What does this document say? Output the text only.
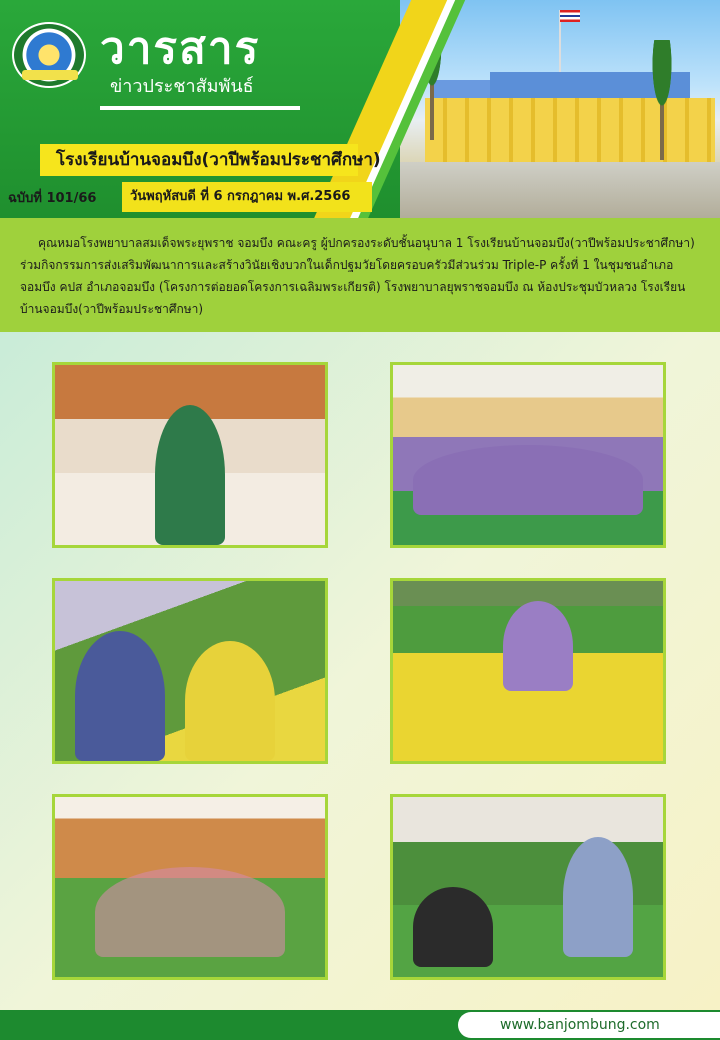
วารสาร
ข่าวประชาสัมพันธ์
โรงเรียนบ้านจอมบึง(วาปีพร้อมประชาศึกษา)
ฉบับที่ 101/66	วันพฤหัสบดี ที่ 6 กรกฎาคม พ.ศ.2566

คุณหมอโรงพยาบาลสมเด็จพระยุพราช จอมบึง คณะครู ผู้ปกครองระดับชั้นอนุบาล 1 โรงเรียนบ้านจอมบึง(วาปีพร้อมประชาศึกษา) ร่วมกิจกรรมการส่งเสริมพัฒนาการและสร้างวินัยเชิงบวกในเด็กปฐมวัยโดยครอบครัวมีส่วนร่วม Triple-P ครั้งที่ 1 ในชุมชนอำเภอจอมบึง คปส อำเภอจอมบึง (โครงการต่อยอดโครงการเฉลิมพระเกียรติ) โรงพยาบาลยุพราชจอมบึง ณ ห้องประชุมบัวหลวง โรงเรียนบ้านจอมบึง(วาปีพร้อมประชาศึกษา)

www.banjombung.com
